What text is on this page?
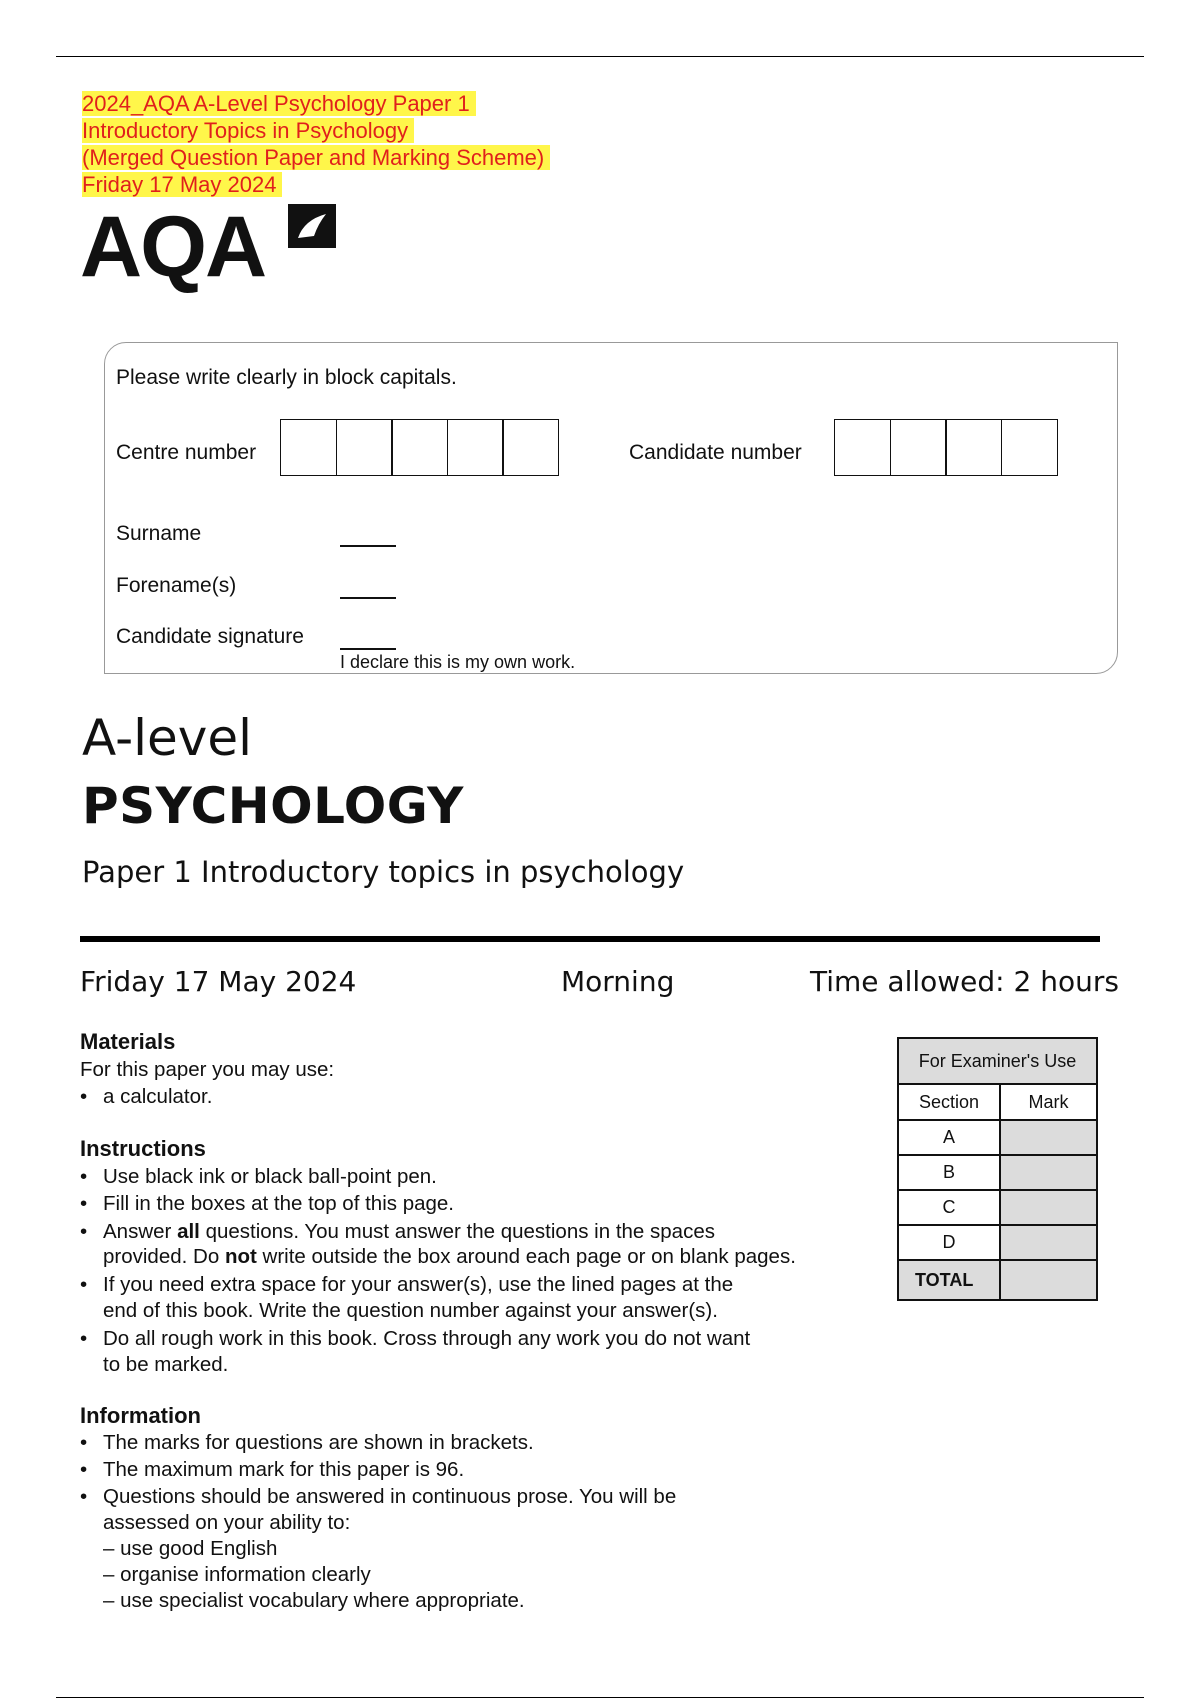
2024_AQA A-Level Psychology Paper 1
Introductory Topics in Psychology
(Merged Question Paper and Marking Scheme)
Friday 17 May 2024
AQA
Please write clearly in block capitals.
Centre number	Candidate number
Surname
Forename(s)
Candidate signature
I declare this is my own work.
A-level
PSYCHOLOGY
Paper 1 Introductory topics in psychology
Friday 17 May 2024	Morning	Time allowed: 2 hours
Materials
For this paper you may use:
• a calculator.
Instructions
• Use black ink or black ball-point pen.
• Fill in the boxes at the top of this page.
• Answer all questions. You must answer the questions in the spaces
provided. Do not write outside the box around each page or on blank pages.
• If you need extra space for your answer(s), use the lined pages at the
end of this book. Write the question number against your answer(s).
• Do all rough work in this book. Cross through any work you do not want
to be marked.
Information
• The marks for questions are shown in brackets.
• The maximum mark for this paper is 96.
• Questions should be answered in continuous prose. You will be
assessed on your ability to:
– use good English
– organise information clearly
– use specialist vocabulary where appropriate.
For Examiner's Use	
Section	Mark
A	
B	
C	
D	
TOTAL	
